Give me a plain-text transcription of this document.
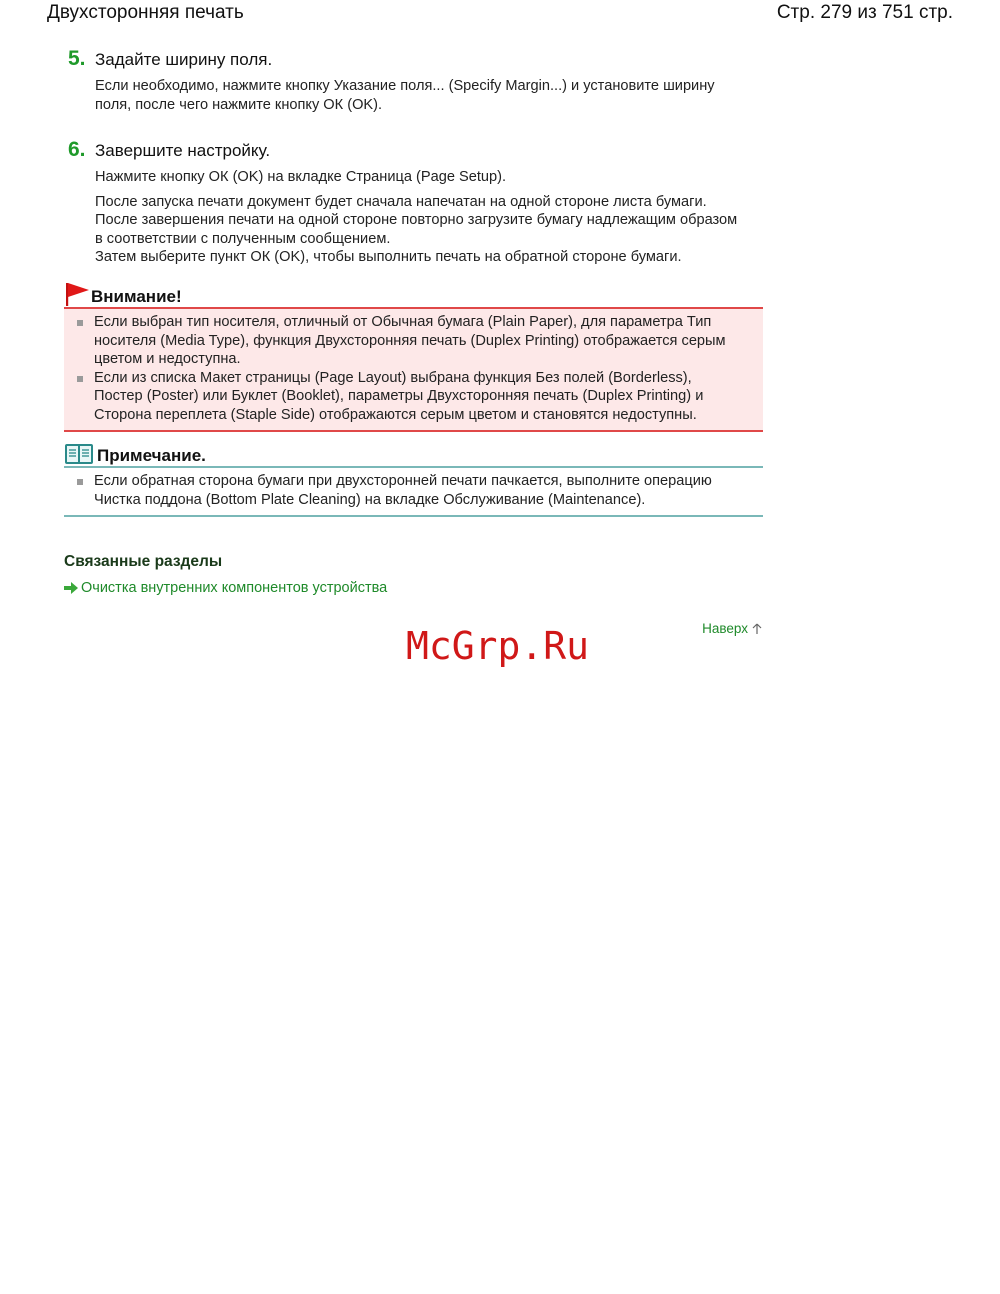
Двухсторонняя печать	Стр. 279 из 751 стр.
5. Задайте ширину поля.

Если необходимо, нажмите кнопку Указание поля... (Specify Margin...) и установите ширину

поля, после чего нажмите кнопку ОК (OK).

6. Завершите настройку.

Нажмите кнопку ОК (OK) на вкладке Страница (Page Setup).

После запуска печати документ будет сначала напечатан на одной стороне листа бумаги.

После завершения печати на одной стороне повторно загрузите бумагу надлежащим образом

в соответствии с полученным сообщением.

Затем выберите пункт ОК (OK), чтобы выполнить печать на обратной стороне бумаги.

Внимание!
Если выбран тип носителя, отличный от Обычная бумага (Plain Paper), для параметра Тип
носителя (Media Type), функция Двухсторонняя печать (Duplex Printing) отображается серым
цветом и недоступна.
Если из списка Макет страницы (Page Layout) выбрана функция Без полей (Borderless),
Постер (Poster) или Буклет (Booklet), параметры Двухсторонняя печать (Duplex Printing) и
Сторона переплета (Staple Side) отображаются серым цветом и становятся недоступны.
Примечание.
Если обратная сторона бумаги при двухсторонней печати пачкается, выполните операцию
Чистка поддона (Bottom Plate Cleaning) на вкладке Обслуживание (Maintenance).
Связанные разделы
Очистка внутренних компонентов устройства
Наверх
McGrp.Ru
